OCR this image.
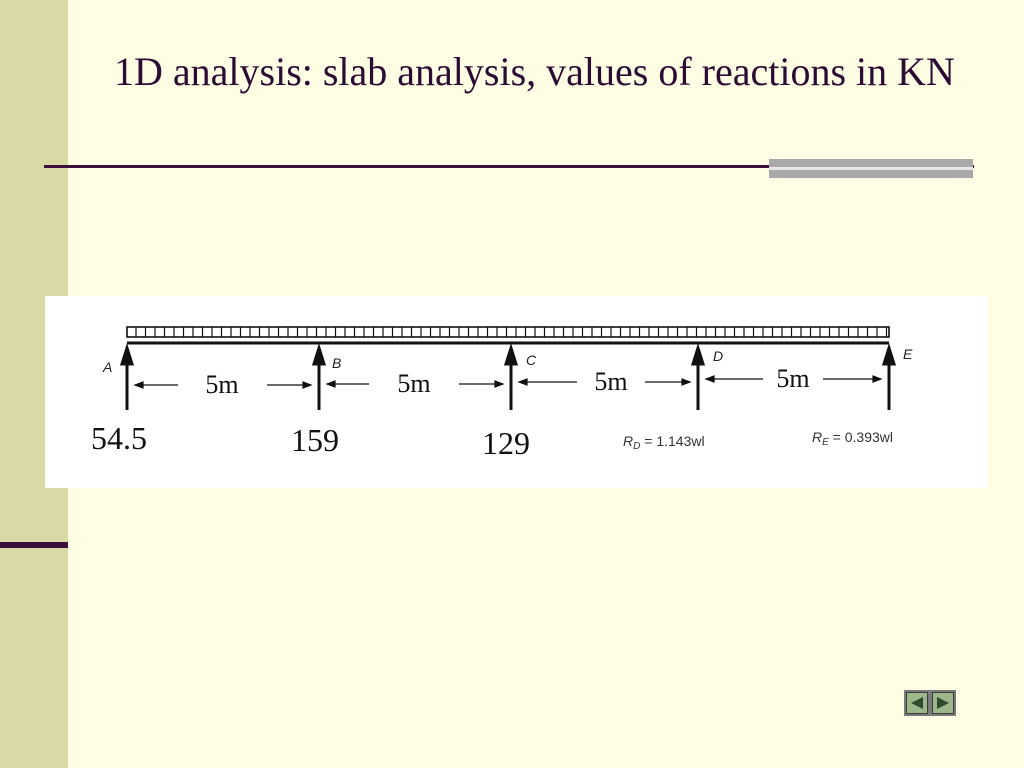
1D analysis: slab analysis, values of reactions in KN
A	B	C	D	E
5m	5m	5m	5m
54.5	159	129	$R_D = 1.143wl$	$R_E = 0.393wl$
